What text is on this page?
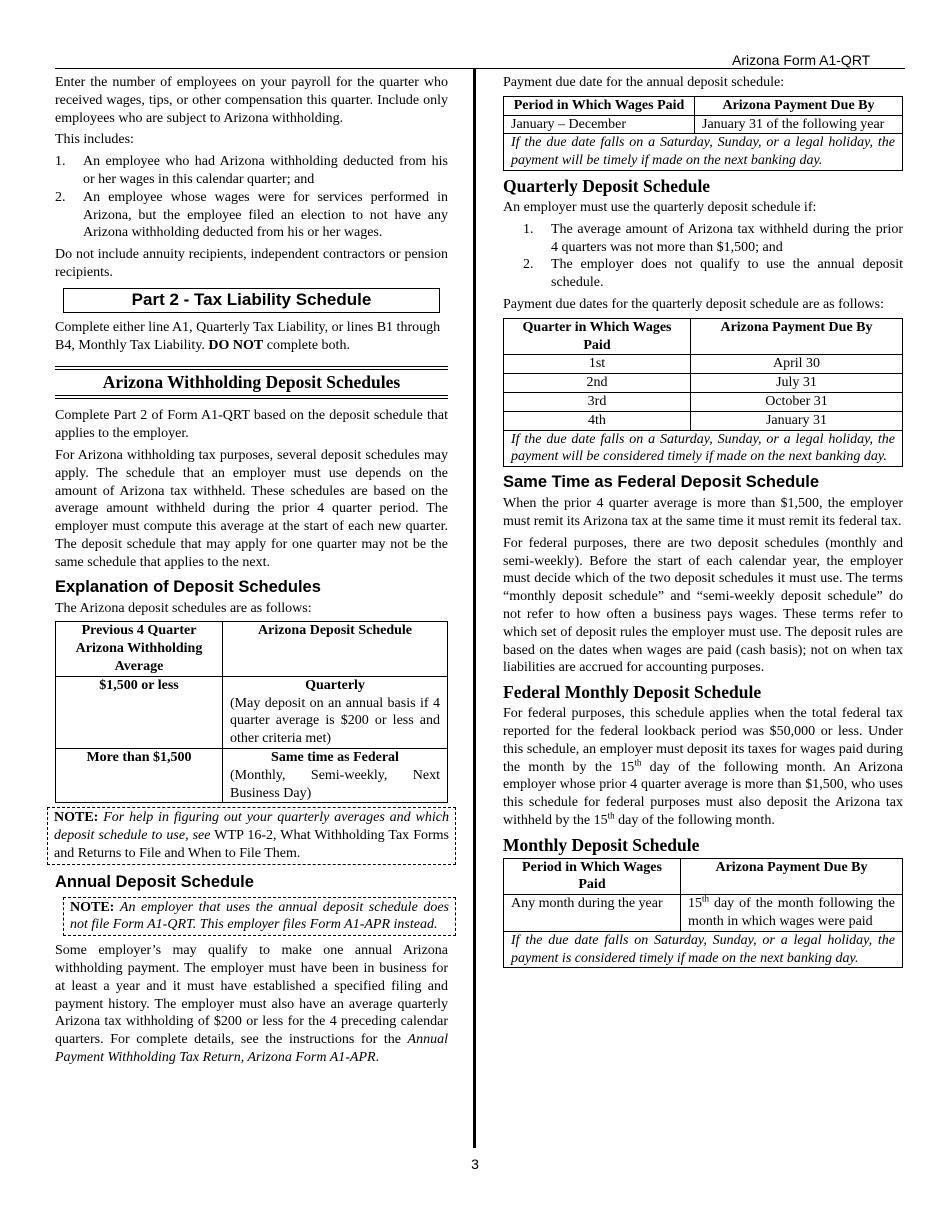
Arizona Form A1-QRT

Enter the number of employees on your payroll for the quarter who received wages, tips, or other compensation this quarter. Include only employees who are subject to Arizona withholding.

This includes:

1. An employee who had Arizona withholding deducted from his or her wages in this calendar quarter; and
2. An employee whose wages were for services performed in Arizona, but the employee filed an election to not have any Arizona withholding deducted from his or her wages.

Do not include annuity recipients, independent contractors or pension recipients.

Part 2 - Tax Liability Schedule

Complete either line A1, Quarterly Tax Liability, or lines B1 through B4, Monthly Tax Liability. DO NOT complete both.

Arizona Withholding Deposit Schedules

Complete Part 2 of Form A1-QRT based on the deposit schedule that applies to the employer.

For Arizona withholding tax purposes, several deposit schedules may apply. The schedule that an employer must use depends on the amount of Arizona tax withheld. These schedules are based on the average amount withheld during the prior 4 quarter period. The employer must compute this average at the start of each new quarter. The deposit schedule that may apply for one quarter may not be the same schedule that applies to the next.

Explanation of Deposit Schedules

The Arizona deposit schedules are as follows:

Previous 4 Quarter Arizona Withholding Average	Arizona Deposit Schedule
$1,500 or less	Quarterly
(May deposit on an annual basis if 4 quarter average is $200 or less and other criteria met)

More than $1,500	Same time as Federal
(Monthly, Semi-weekly, Next Business Day)
NOTE: For help in figuring out your quarterly averages and which deposit schedule to use, see WTP 16-2, What Withholding Tax Forms and Returns to File and When to File Them.
Annual Deposit Schedule
NOTE: An employer that uses the annual deposit schedule does not file Form A1-QRT. This employer files Form A1-APR instead.

Some employer’s may qualify to make one annual Arizona withholding payment. The employer must have been in business for at least a year and it must have established a specified filing and payment history. The employer must also have an average quarterly Arizona tax withholding of $200 or less for the 4 preceding calendar quarters. For complete details, see the instructions for the Annual Payment Withholding Tax Return, Arizona Form A1-APR.

Payment due date for the annual deposit schedule:

Period in Which Wages Paid	Arizona Payment Due By
January – December	January 31 of the following year
If the due date falls on a Saturday, Sunday, or a legal holiday, the payment will be timely if made on the next banking day.	
Quarterly Deposit Schedule

An employer must use the quarterly deposit schedule if:

1. The average amount of Arizona tax withheld during the prior 4 quarters was not more than $1,500; and
2. The employer does not qualify to use the annual deposit schedule.

Payment due dates for the quarterly deposit schedule are as follows:

Quarter in Which Wages Paid	Arizona Payment Due By
1st	April 30
2nd	July 31
3rd	October 31
4th	January 31
If the due date falls on a Saturday, Sunday, or a legal holiday, the payment will be considered timely if made on the next banking day.	
Same Time as Federal Deposit Schedule

When the prior 4 quarter average is more than $1,500, the employer must remit its Arizona tax at the same time it must remit its federal tax.

For federal purposes, there are two deposit schedules (monthly and semi-weekly). Before the start of each calendar year, the employer must decide which of the two deposit schedules it must use. The terms “monthly deposit schedule” and “semi-weekly deposit schedule” do not refer to how often a business pays wages. These terms refer to which set of deposit rules the employer must use. The deposit rules are based on the dates when wages are paid (cash basis); not on when tax liabilities are accrued for accounting purposes.

Federal Monthly Deposit Schedule

For federal purposes, this schedule applies when the total federal tax reported for the federal lookback period was $50,000 or less. Under this schedule, an employer must deposit its taxes for wages paid during the month by the 15th day of the following month. An Arizona employer whose prior 4 quarter average is more than $1,500, who uses this schedule for federal purposes must also deposit the Arizona tax withheld by the 15th day of the following month.

Monthly Deposit Schedule
Period in Which Wages Paid	Arizona Payment Due By
Any month during the year	15th day of the month following the month in which wages were paid
If the due date falls on Saturday, Sunday, or a legal holiday, the payment is considered timely if made on the next banking day.	
3
